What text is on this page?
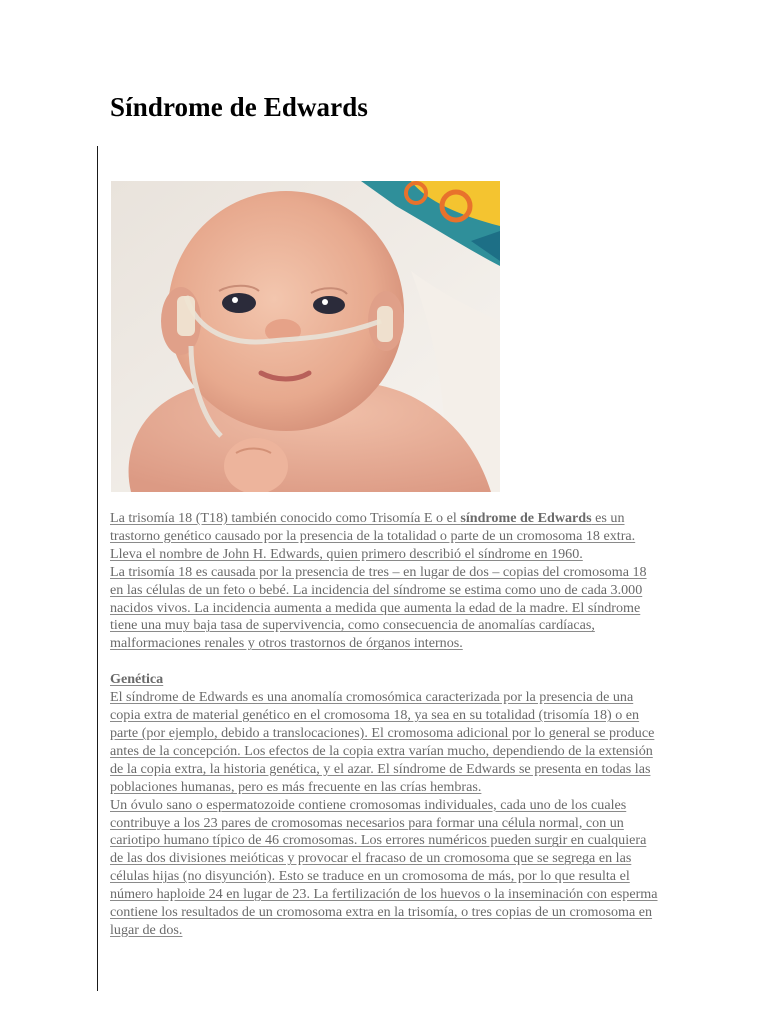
Síndrome de Edwards

La trisomía 18 (T18) también conocido como Trisomía E o el síndrome de Edwards es un trastorno genético causado por la presencia de la totalidad o parte de un cromosoma 18 extra. Lleva el nombre de John H. Edwards, quien primero describió el síndrome en 1960.

La trisomía 18 es causada por la presencia de tres – en lugar de dos – copias del cromosoma 18 en las células de un feto o bebé. La incidencia del síndrome se estima como uno de cada 3.000 nacidos vivos. La incidencia aumenta a medida que aumenta la edad de la madre. El síndrome tiene una muy baja tasa de supervivencia, como consecuencia de anomalías cardíacas, malformaciones renales y otros trastornos de órganos internos.

Genética

El síndrome de Edwards es una anomalía cromosómica caracterizada por la presencia de una copia extra de material genético en el cromosoma 18, ya sea en su totalidad (trisomía 18) o en parte (por ejemplo, debido a translocaciones). El cromosoma adicional por lo general se produce antes de la concepción. Los efectos de la copia extra varían mucho, dependiendo de la extensión de la copia extra, la historia genética, y el azar. El síndrome de Edwards se presenta en todas las poblaciones humanas, pero es más frecuente en las crías hembras.

Un óvulo sano o espermatozoide contiene cromosomas individuales, cada uno de los cuales contribuye a los 23 pares de cromosomas necesarios para formar una célula normal, con un cariotipo humano típico de 46 cromosomas. Los errores numéricos pueden surgir en cualquiera de las dos divisiones meióticas y provocar el fracaso de un cromosoma que se segrega en las células hijas (no disyunción). Esto se traduce en un cromosoma de más, por lo que resulta el número haploide 24 en lugar de 23. La fertilización de los huevos o la inseminación con esperma contiene los resultados de un cromosoma extra en la trisomía, o tres copias de un cromosoma en lugar de dos.
